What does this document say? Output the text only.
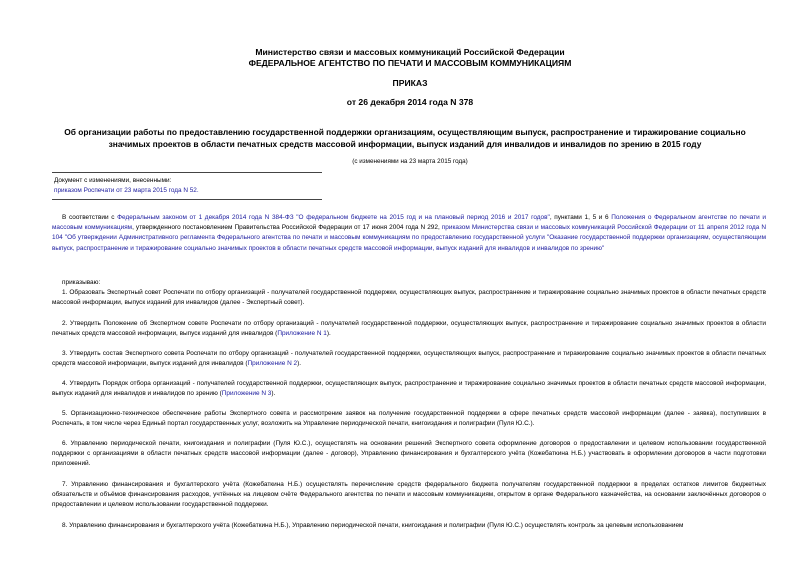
Министерство связи и массовых коммуникаций Российской Федерации
ФЕДЕРАЛЬНОЕ АГЕНТСТВО ПО ПЕЧАТИ И МАССОВЫМ КОММУНИКАЦИЯМ
ПРИКАЗ
от 26 декабря 2014 года N 378
Об организации работы по предоставлению государственной поддержки организациям, осуществляющим выпуск, распространение и тиражирование социально
значимых проектов в области печатных средств массовой информации, выпуск изданий для инвалидов и инвалидов по зрению в 2015 году
(с изменениями на 23 марта 2015 года)
Документ с изменениями, внесенными:
приказом Роспечати от 23 марта 2015 года N 52.
В соответствии с Федеральным законом от 1 декабря 2014 года N 384-ФЗ "О федеральном бюджете на 2015 год и на плановый период 2016 и 2017 годов", пунктами 1, 5 и 6 Положения о Федеральном агентстве по печати и массовым коммуникациям, утвержденного постановлением Правительства Российской Федерации от 17 июня 2004 года N 292, приказом Министерства связи и массовых коммуникаций Российской Федерации от 11 апреля 2012 года N 104 "Об утверждении Административного регламента Федерального агентства по печати и массовым коммуникациям по предоставлению государственной услуги "Оказание государственной поддержки организациям, осуществляющим выпуск, распространение и тиражирование социально значимых проектов в области печатных средств массовой информации, выпуск изданий для инвалидов и инвалидов по зрению"
приказываю:
1. Образовать Экспертный совет Роспечати по отбору организаций - получателей государственной поддержки, осуществляющих выпуск, распространение и тиражирование социально значимых проектов в области печатных средств массовой информации, выпуск изданий для инвалидов (далее - Экспертный совет).
2. Утвердить Положение об Экспертном совете Роспечати по отбору организаций - получателей государственной поддержки, осуществляющих выпуск, распространение и тиражирование социально значимых проектов в области печатных средств массовой информации, выпуск изданий для инвалидов (Приложение N 1).
3. Утвердить состав Экспертного совета Роспечати по отбору организаций - получателей государственной поддержки, осуществляющих выпуск, распространение и тиражирование социально значимых проектов в области печатных средств массовой информации, выпуск изданий для инвалидов (Приложение N 2).
4. Утвердить Порядок отбора организаций - получателей государственной поддержки, осуществляющих выпуск, распространение и тиражирование социально значимых проектов в области печатных средств массовой информации, выпуск изданий для инвалидов и инвалидов по зрению (Приложение N 3).
5. Организационно-техническое обеспечение работы Экспертного совета и рассмотрение заявок на получение государственной поддержки в сфере печатных средств массовой информации (далее - заявка), поступивших в Роспечать, в том числе через Единый портал государственных услуг, возложить на Управление периодической печати, книгоиздания и полиграфии (Пуля Ю.С.).
6. Управлению периодической печати, книгоиздания и полиграфии (Пуля Ю.С.), осуществлять на основании решений Экспертного совета оформление договоров о предоставлении и целевом использовании государственной поддержки с организациями в области печатных средств массовой информации (далее - договор), Управлению финансирования и бухгалтерского учёта (Кожебаткина Н.Б.) участвовать в оформлении договоров в части подготовки приложений.
7. Управлению финансирования и бухгалтерского учёта (Кожебаткина Н.Б.) осуществлять перечисление средств федерального бюджета получателям государственной поддержки в пределах остатков лимитов бюджетных обязательств и объёмов финансирования расходов, учтённых на лицевом счёте Федерального агентства по печати и массовым коммуникациям, открытом в органе Федерального казначейства, на основании заключённых договоров о предоставлении и целевом использовании государственной поддержки.
8. Управлению финансирования и бухгалтерского учёта (Кожебаткина Н.Б.), Управлению периодической печати, книгоиздания и полиграфии (Пуля Ю.С.) осуществлять контроль за целевым использованием
